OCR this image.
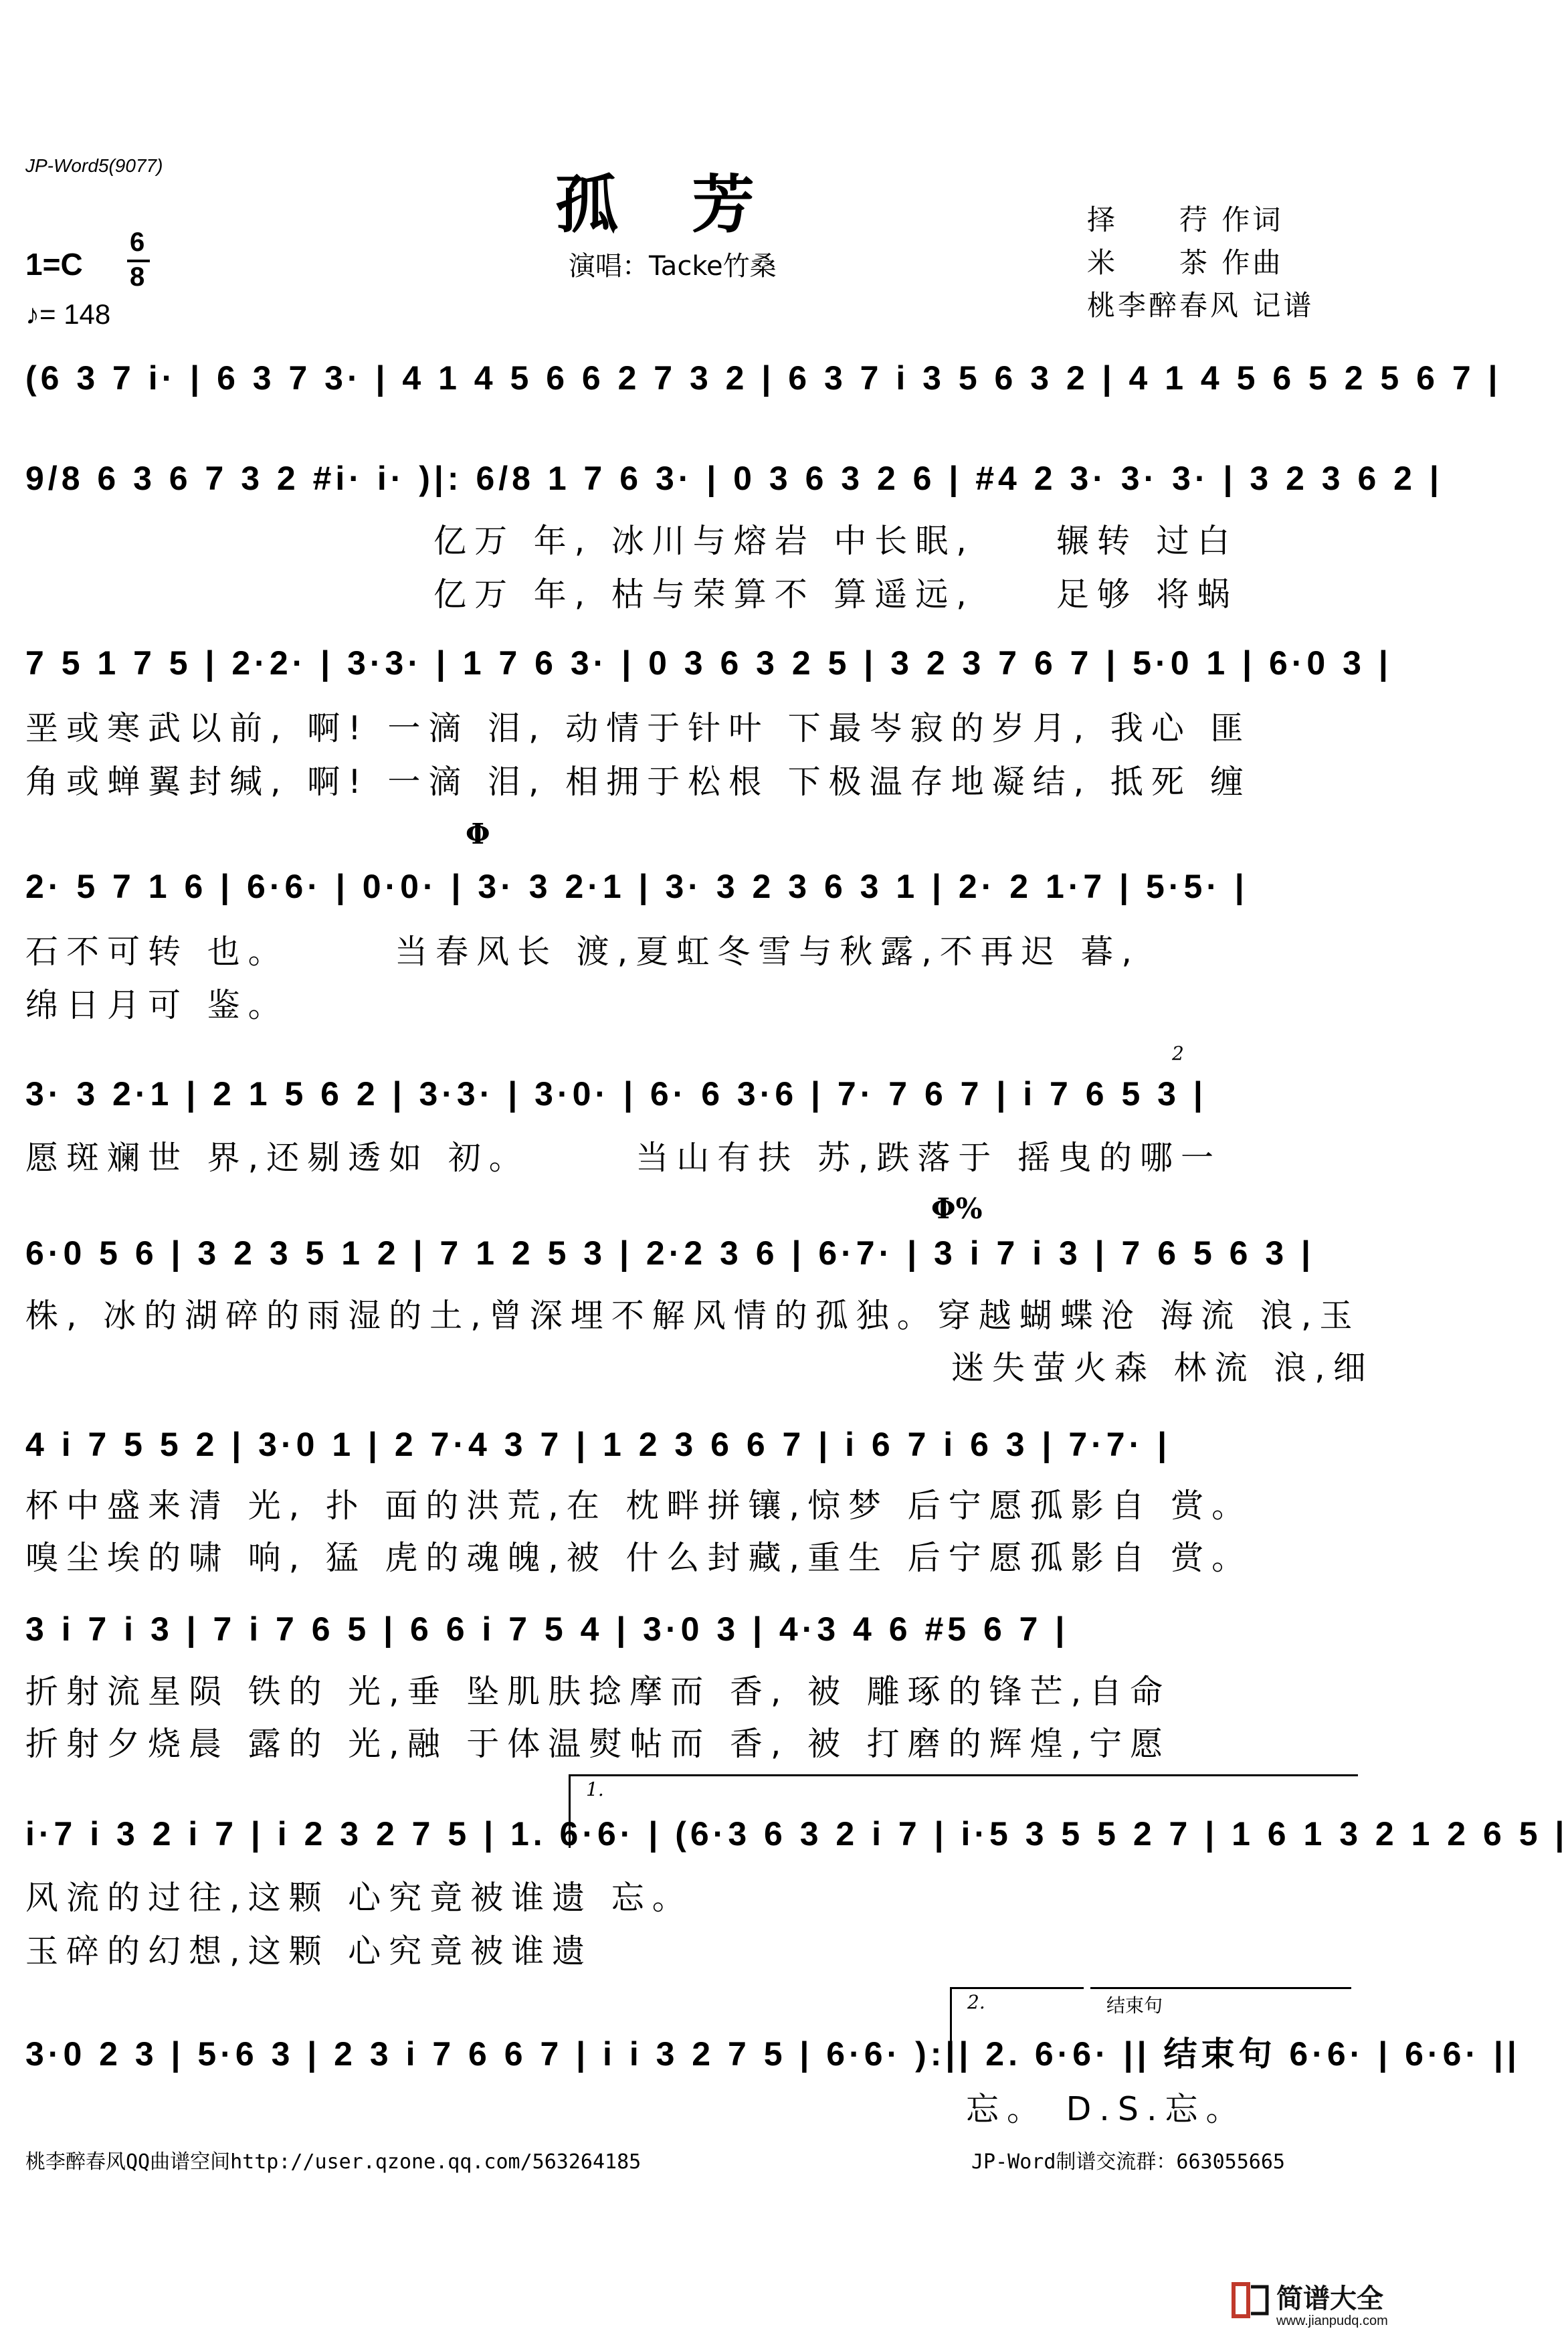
JP-Word5(9077)
孤芳
演唱：Tacke竹桑
择　　荇 作词
米　　茶 作曲
桃李醉春风 记谱
1=C
6
8
♪= 148
(6 3 7 i· | 6 3 7 3· | 4 1 4 5 6 6 2 7 3 2 | 6 3 7 i 3 5 6 3 2 | 4 1 4 5 6 5 2 5 6 7 |
9/8 6 3 6 7 3 2 #i· i· )|: 6/8 1 7 6 3· | 0 3 6 3 2 6 | #4 2 3· 3· 3· | 3 2 3 6 2 |
亿万 年, 冰川与熔岩 中长眠,　　辗转 过白
亿万 年, 枯与荣算不 算遥远,　　足够 将蜗
7 5 1 7 5 | 2·2· | 3·3· | 1 7 6 3· | 0 3 6 3 2 5 | 3 2 3 7 6 7 | 5·0 1 | 6·0 3 |
垩或寒武以前, 啊! 一滴 泪, 动情于针叶 下最岑寂的岁月, 我心 匪
角或蝉翼封缄, 啊! 一滴 泪, 相拥于松根 下极温存地凝结, 抵死 缠
Φ
2· 5 7 1 6 | 6·6· | 0·0· | 3· 3 2·1 | 3· 3 2 3 6 3 1 | 2· 2 1·7 | 5·5· |
石不可转 也。　　　当春风长 渡,夏虹冬雪与秋露,不再迟 暮,
绵日月可 鉴。
2
3· 3 2·1 | 2 1 5 6 2 | 3·3· | 3·0· | 6· 6 3·6 | 7· 7 6 7 | i 7 6 5 3 |
愿斑斓世 界,还剔透如 初。　　　当山有扶 苏,跌落于 摇曳的哪一
Φ%
6·0 5 6 | 3 2 3 5 1 2 | 7 1 2 5 3 | 2·2 3 6 | 6·7· | 3 i 7 i 3 | 7 6 5 6 3 |
株, 冰的湖碎的雨湿的土,曾深埋不解风情的孤独。穿越蝴蝶沧 海流 浪,玉
迷失萤火森 林流 浪,细
4 i 7 5 5 2 | 3·0 1 | 2 7·4 3 7 | 1 2 3 6 6 7 | i 6 7 i 6 3 | 7·7· |
杯中盛来清 光, 扑 面的洪荒,在 枕畔拼镶,惊梦 后宁愿孤影自 赏。
嗅尘埃的啸 响, 猛 虎的魂魄,被 什么封藏,重生 后宁愿孤影自 赏。
3 i 7 i 3 | 7 i 7 6 5 | 6 6 i 7 5 4 | 3·0 3 | 4·3 4 6 #5 6 7 |
折射流星陨 铁的 光,垂 坠肌肤捻摩而 香, 被 雕琢的锋芒,自命
折射夕烧晨 露的 光,融 于体温熨帖而 香, 被 打磨的辉煌,宁愿
1.
i·7 i 3 2 i 7 | i 2 3 2 7 5 | 1. 6·6· | (6·3 6 3 2 i 7 | i·5 3 5 5 2 7 | 1 6 1 3 2 1 2 6 5 |
风流的过往,这颗 心究竟被谁遗 忘。
玉碎的幻想,这颗 心究竟被谁遗
2.	结束句
3·0 2 3 | 5·6 3 | 2 3 i 7 6 6 7 | i i 3 2 7 5 | 6·6· ):|| 2. 6·6· || 结束句 6·6· | 6·6· ||
忘。 D.S.忘。
桃李醉春风QQ曲谱空间http://user.qzone.qq.com/563264185	JP-Word制谱交流群：663055665
简谱大全
www.jianpudq.com
